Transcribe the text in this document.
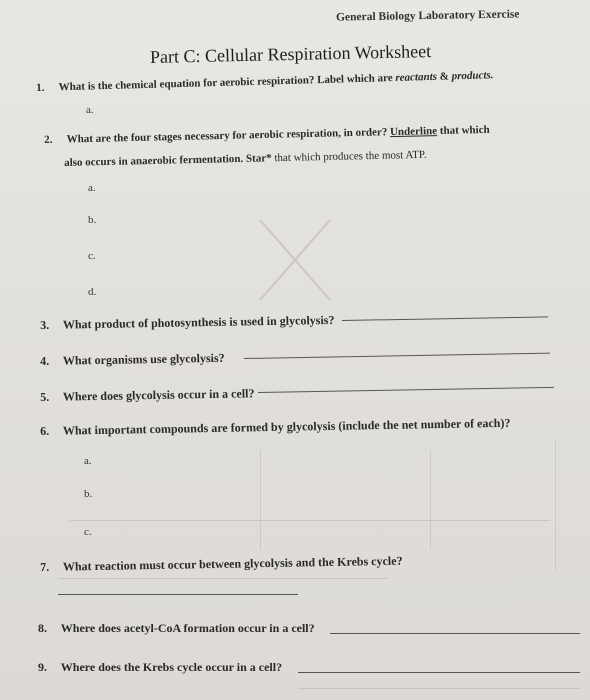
General Biology Laboratory Exercise
Part C: Cellular Respiration Worksheet
1. What is the chemical equation for aerobic respiration? Label which are reactants & products.
a.
2. What are the four stages necessary for aerobic respiration, in order? Underline that which
also occurs in anaerobic fermentation. Star* that which produces the most ATP.
a.
b.
c.
d.
3. What product of photosynthesis is used in glycolysis?
4. What organisms use glycolysis?
5. Where does glycolysis occur in a cell?
6. What important compounds are formed by glycolysis (include the net number of each)?
a.
b.
c.
7. What reaction must occur between glycolysis and the Krebs cycle?
8. Where does acetyl-CoA formation occur in a cell?
9. Where does the Krebs cycle occur in a cell?
